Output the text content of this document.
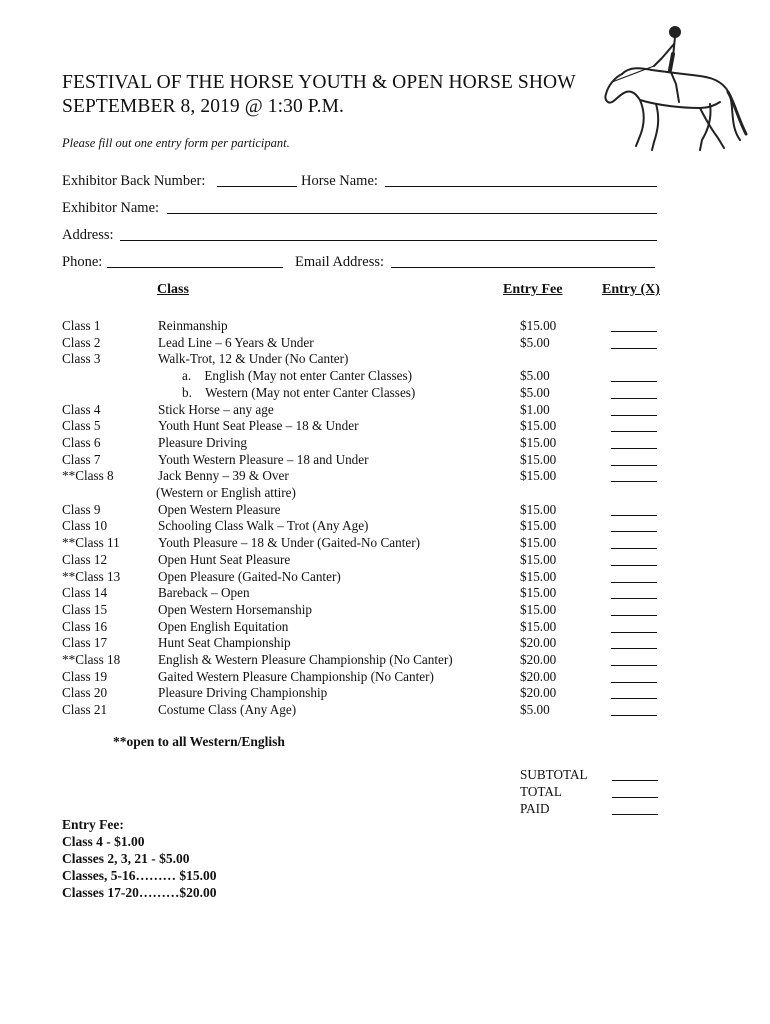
FESTIVAL OF THE HORSE YOUTH & OPEN HORSE SHOW
SEPTEMBER 8, 2019 @ 1:30 P.M.
Please fill out one entry form per participant.
Exhibitor Back Number:	Horse Name:
Exhibitor Name:
Address:
Phone:	Email Address:
Class	Entry Fee	Entry (X)
Class 1	Reinmanship	$15.00
Class 2	Lead Line – 6 Years & Under	$5.00
Class 3	Walk-Trot, 12 & Under (No Canter)
a. English (May not enter Canter Classes)	$5.00
b. Western (May not enter Canter Classes)	$5.00
Class 4	Stick Horse – any age	$1.00
Class 5	Youth Hunt Seat Please – 18 & Under	$15.00
Class 6	Pleasure Driving	$15.00
Class 7	Youth Western Pleasure – 18 and Under	$15.00
**Class 8	Jack Benny – 39 & Over	$15.00
(Western or English attire)
Class 9	Open Western Pleasure	$15.00
Class 10	Schooling Class Walk – Trot (Any Age)	$15.00
**Class 11	Youth Pleasure – 18 & Under (Gaited-No Canter)	$15.00
Class 12	Open Hunt Seat Pleasure	$15.00
**Class 13	Open Pleasure (Gaited-No Canter)	$15.00
Class 14	Bareback – Open	$15.00
Class 15	Open Western Horsemanship	$15.00
Class 16	Open English Equitation	$15.00
Class 17	Hunt Seat Championship	$20.00
**Class 18	English & Western Pleasure Championship (No Canter)	$20.00
Class 19	Gaited Western Pleasure Championship (No Canter)	$20.00
Class 20	Pleasure Driving Championship	$20.00
Class 21	Costume Class (Any Age)	$5.00
**open to all Western/English
SUBTOTAL
TOTAL
PAID
Entry Fee:
Class 4 - $1.00
Classes 2, 3, 21 - $5.00
Classes, 5-16……… $15.00
Classes 17-20………$20.00
